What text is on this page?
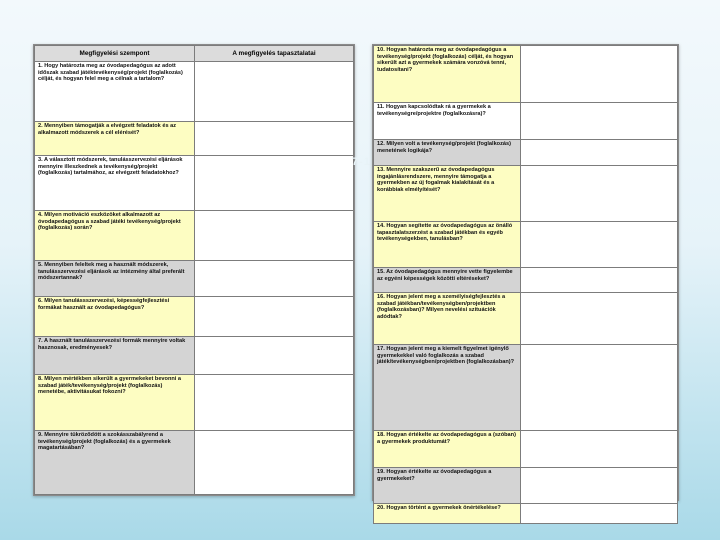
Megfigyelési szempont	A megfigyelés tapasztalatai
1. Hogy határozta meg az óvodapedagógus az adott időszak szabad játéktevékenység/projekt (foglalkozás) célját, és hogyan felel meg a célnak a tartalom?	
2. Mennyiben támogatják a elvégzett feladatok és az alkalmazott módszerek a cél elérését?	
3. A választott módszerek, tanulásszervezési eljárások mennyire illeszkednek a tevékenység/projekt (foglalkozás) tartalmához, az elvégzett feladatokhoz?	
4. Milyen motiváció eszközöket alkalmazott az óvodapedagógus a szabad játéki tevékenység/projekt (foglalkozás) során?	
5. Mennyiben feleltek meg a használt módszerek, tanulásszervezési eljárások az intézmény által preferált módszertannak?	
6. Milyen tanulássszervezési, képességfejlesztési formákat használt az óvodapedagógus?	
7. A használt tanulásszervezési formák mennyire voltak hasznosak, eredményesek?	
8. Milyen mértékben sikerült a gyermekeket bevonni a szabad játék/tevékenység/projekt (foglalkozás) menetébe, aktivitásukat fokozni?	
9. Mennyire tükröződött a szokásszabályrend a tevékenység/projekt (foglalkozás) és a gyermekek magatartásában?	
7-1
10. Hogyan határozta meg az óvodapedagógus a tevékenység/projekt (foglalkozás) célját, és hogyan sikerült azt a gyermekek számára vonzóvá tenni, tudatosítani?	
11. Hogyan kapcsolódtak rá a gyermekek a tevékenységre/projektre (foglalkozásra)?	
12. Milyen volt a tevékenység/projekt (foglalkozás) menetének logikája?	
13. Mennyire szakszerű az óvodapedagógus ingajánlásrendszere, mennyire támogatja a gyermekben az új fogalmak kialakítását és a korábbiak elmélyítését?	
14. Hogyan segítette az óvodapedagógus az önálló tapasztalatszerzést a szabad játékban és egyéb tevékenységekben, tanulásban?	
15. Az óvodapedagógus mennyire vette figyelembe az egyéni képességek közötti eltéréseket?	
16. Hogyan jelent meg a személyiségfejlesztés a szabad játékban/tevékenységben/projektben (foglalkozásban)? Milyen nevelési szituációk adódtak?	
17. Hogyan jelent meg a kiemelt figyelmet igénylő gyermekekkel való foglalkozás a szabad játék/tevékenységben/projektben (foglalkozásban)?	
18. Hogyan értékelte az óvodapedagógus a (szóban) a gyermekek produktumát?	
19. Hogyan értékelte az óvodapedagógus a gyermekeket?	
20. Hogyan történt a gyermekek önértékelése?	
